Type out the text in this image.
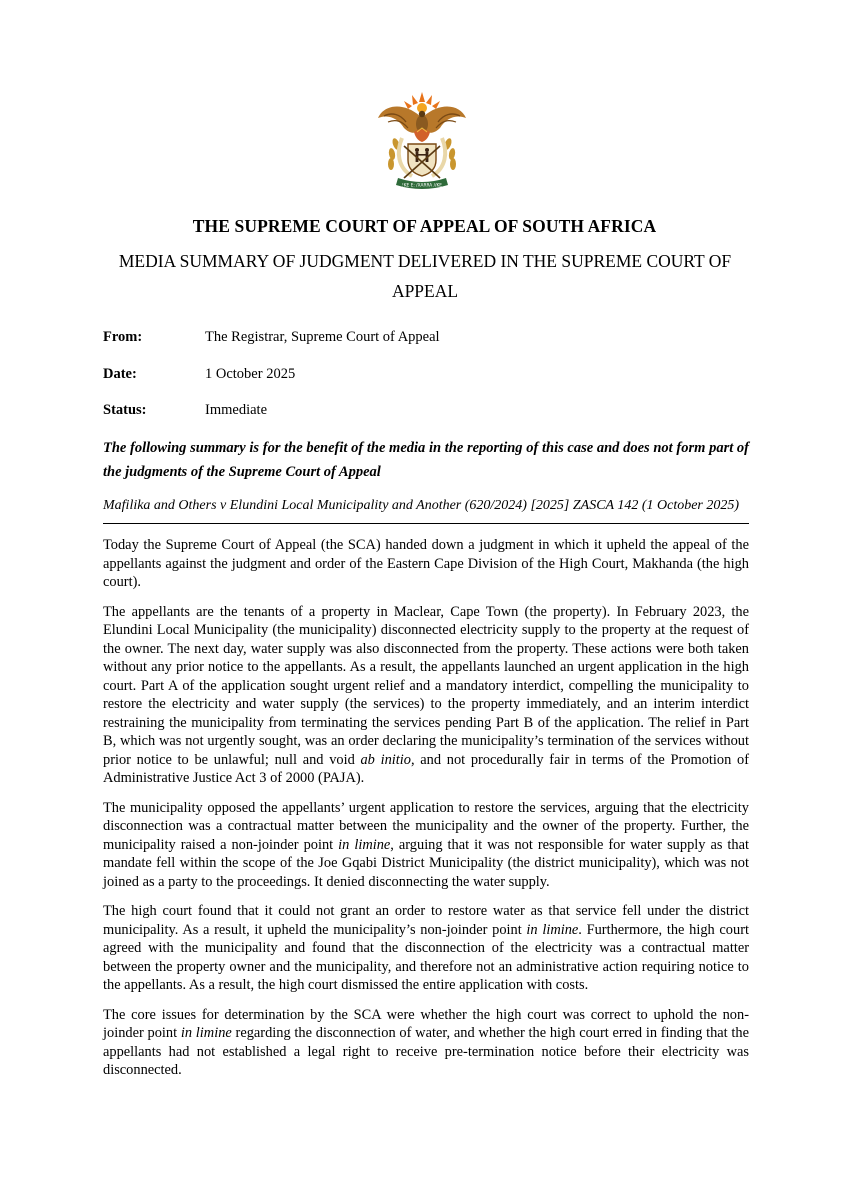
!KE E: /XARRA //KE
THE SUPREME COURT OF APPEAL OF SOUTH AFRICA
MEDIA SUMMARY OF JUDGMENT DELIVERED IN THE SUPREME COURT OF APPEAL
From:	The Registrar, Supreme Court of Appeal
Date:	1 October 2025
Status:	Immediate
The following summary is for the benefit of the media in the reporting of this case and does not form part of the judgments of the Supreme Court of Appeal
Mafilika and Others v Elundini Local Municipality and Another (620/2024) [2025] ZASCA 142 (1 October 2025)

Today the Supreme Court of Appeal (the SCA) handed down a judgment in which it upheld the appeal of the appellants against the judgment and order of the Eastern Cape Division of the High Court, Makhanda (the high court).

The appellants are the tenants of a property in Maclear, Cape Town (the property). In February 2023, the Elundini Local Municipality (the municipality) disconnected electricity supply to the property at the request of the owner. The next day, water supply was also disconnected from the property. These actions were both taken without any prior notice to the appellants. As a result, the appellants launched an urgent application in the high court. Part A of the application sought urgent relief and a mandatory interdict, compelling the municipality to restore the electricity and water supply (the services) to the property immediately, and an interim interdict restraining the municipality from terminating the services pending Part B of the application. The relief in Part B, which was not urgently sought, was an order declaring the municipality’s termination of the services without prior notice to be unlawful; null and void ab initio, and not procedurally fair in terms of the Promotion of Administrative Justice Act 3 of 2000 (PAJA).

The municipality opposed the appellants’ urgent application to restore the services, arguing that the electricity disconnection was a contractual matter between the municipality and the owner of the property. Further, the municipality raised a non-joinder point in limine, arguing that it was not responsible for water supply as that mandate fell within the scope of the Joe Gqabi District Municipality (the district municipality), which was not joined as a party to the proceedings. It denied disconnecting the water supply.

The high court found that it could not grant an order to restore water as that service fell under the district municipality. As a result, it upheld the municipality’s non-joinder point in limine. Furthermore, the high court agreed with the municipality and found that the disconnection of the electricity was a contractual matter between the property owner and the municipality, and therefore not an administrative action requiring notice to the appellants. As a result, the high court dismissed the entire application with costs.

The core issues for determination by the SCA were whether the high court was correct to uphold the non-joinder point in limine regarding the disconnection of water, and whether the high court erred in finding that the appellants had not established a legal right to receive pre-termination notice before their electricity was disconnected.
